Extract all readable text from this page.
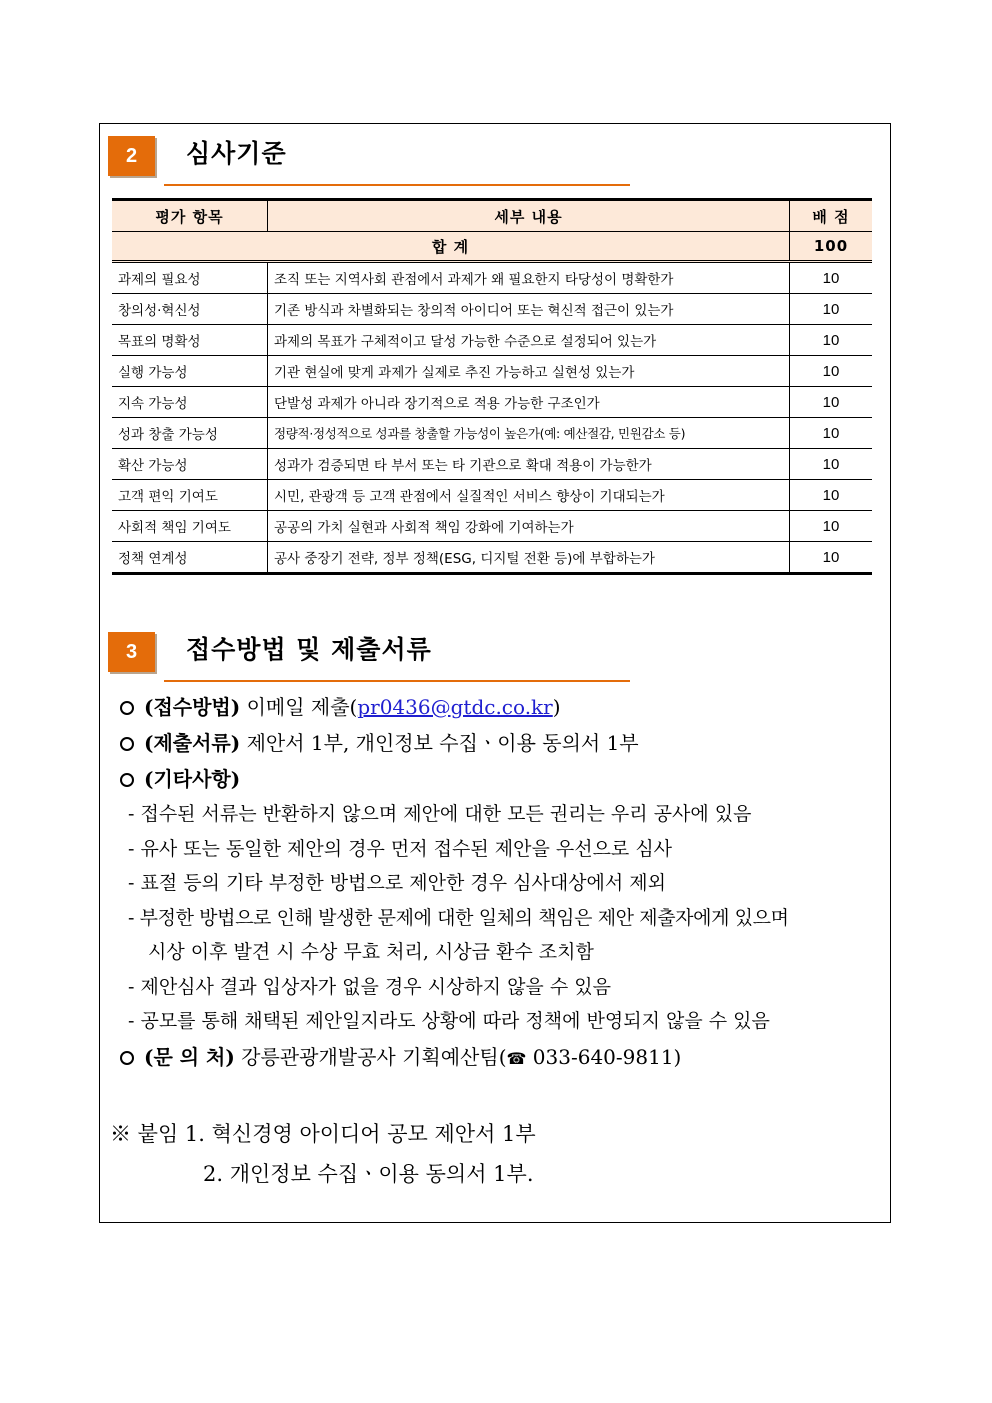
2	심사기준
평가 항목	세부 내용	배 점
합 계		100
과제의 필요성	조직 또는 지역사회 관점에서 과제가 왜 필요한지 타당성이 명확한가	10
창의성·혁신성	기존 방식과 차별화되는 창의적 아이디어 또는 혁신적 접근이 있는가	10
목표의 명확성	과제의 목표가 구체적이고 달성 가능한 수준으로 설정되어 있는가	10
실행 가능성	기관 현실에 맞게 과제가 실제로 추진 가능하고 실현성 있는가	10
지속 가능성	단발성 과제가 아니라 장기적으로 적용 가능한 구조인가	10
성과 창출 가능성	정량적·정성적으로 성과를 창출할 가능성이 높은가(예: 예산절감, 민원감소 등)	10
확산 가능성	성과가 검증되면 타 부서 또는 타 기관으로 확대 적용이 가능한가	10
고객 편익 기여도	시민, 관광객 등 고객 관점에서 실질적인 서비스 향상이 기대되는가	10
사회적 책임 기여도	공공의 가치 실현과 사회적 책임 강화에 기여하는가	10
정책 연계성	공사 중장기 전략, 정부 정책(ESG, 디지털 전환 등)에 부합하는가	10
3	접수방법 및 제출서류
(접수방법) 이메일 제출(pr0436@gtdc.co.kr)
(제출서류) 제안서 1부, 개인정보 수집ㆍ이용 동의서 1부
(기타사항)
- 접수된 서류는 반환하지 않으며 제안에 대한 모든 권리는 우리 공사에 있음
- 유사 또는 동일한 제안의 경우 먼저 접수된 제안을 우선으로 심사
- 표절 등의 기타 부정한 방법으로 제안한 경우 심사대상에서 제외
- 부정한 방법으로 인해 발생한 문제에 대한 일체의 책임은 제안 제출자에게 있으며
시상 이후 발견 시 수상 무효 처리, 시상금 환수 조치함
- 제안심사 결과 입상자가 없을 경우 시상하지 않을 수 있음
- 공모를 통해 채택된 제안일지라도 상황에 따라 정책에 반영되지 않을 수 있음
(문 의 처) 강릉관광개발공사 기획예산팀(☎ 033-640-9811)
※ 붙임 1. 혁신경영 아이디어 공모 제안서 1부
2. 개인정보 수집ㆍ이용 동의서 1부.
